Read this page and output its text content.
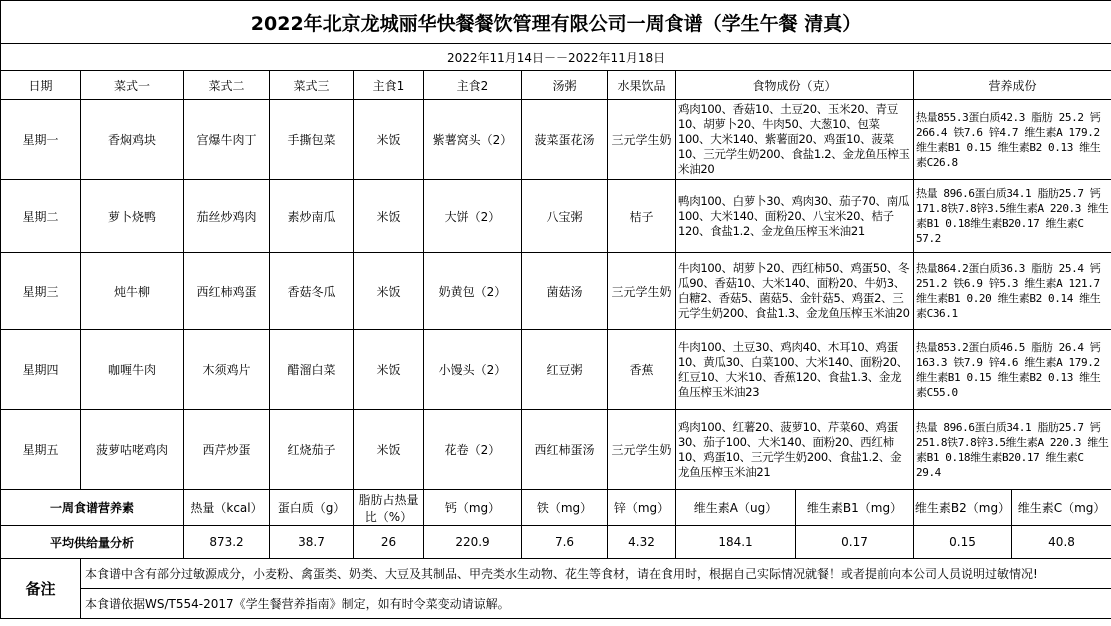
2022年北京龙城丽华快餐餐饮管理有限公司一周食谱（学生午餐 清真）											
2022年11月14日－－2022年11月18日											
日期	菜式一	菜式二	菜式三	主食1	主食2	汤粥	水果饮品	食物成份（克）		营养成份	
星期一	香焖鸡块	宫爆牛肉丁	手撕包菜	米饭	紫薯窝头（2）	菠菜蛋花汤	三元学生奶	鸡肉100、香菇10、土豆20、玉米20、青豆10、胡萝卜20、牛肉50、大葱10、包菜100、大米140、紫薯面20、鸡蛋10、菠菜10、三元学生奶200、食盐1.2、金龙鱼压榨玉米油20		热量855.3蛋白质42.3 脂肪 25.2 钙 266.4 铁7.6 锌4.7 维生素A 179.2 维生素B1 0.15 维生素B2 0.13 维生素C26.8	
星期二	萝卜烧鸭	茄丝炒鸡肉	素炒南瓜	米饭	大饼（2）	八宝粥	桔子	鸭肉100、白萝卜30、鸡肉30、茄子70、南瓜100、大米140、面粉20、八宝米20、桔子120、食盐1.2、金龙鱼压榨玉米油21		热量 896.6蛋白质34.1 脂肪25.7 钙171.8铁7.8锌3.5维生素A 220.3 维生素B1 0.18维生素B20.17 维生素C 57.2	
星期三	炖牛柳	西红柿鸡蛋	香菇冬瓜	米饭	奶黄包（2）	菌菇汤	三元学生奶	牛肉100、胡萝卜20、西红柿50、鸡蛋50、冬瓜90、香菇10、大米140、面粉20、牛奶3、白糖2、香菇5、菌菇5、金针菇5、鸡蛋2、三元学生奶200、食盐1.3、金龙鱼压榨玉米油20		热量864.2蛋白质36.3 脂肪 25.4 钙 251.2 铁6.9 锌5.3 维生素A 121.7 维生素B1 0.20 维生素B2 0.14 维生素C36.1	
星期四	咖喱牛肉	木须鸡片	醋溜白菜	米饭	小馒头（2）	红豆粥	香蕉	牛肉100、土豆30、鸡肉40、木耳10、鸡蛋10、黄瓜30、白菜100、大米140、面粉20、红豆10、大米10、香蕉120、食盐1.3、金龙鱼压榨玉米油23		热量853.2蛋白质46.5 脂肪 26.4 钙 163.3 铁7.9 锌4.6 维生素A 179.2 维生素B1 0.15 维生素B2 0.13 维生素C55.0	
星期五	菠萝咕咾鸡肉	西芹炒蛋	红烧茄子	米饭	花卷（2）	西红柿蛋汤	三元学生奶	鸡肉100、红薯20、菠萝10、芹菜60、鸡蛋30、茄子100、大米140、面粉20、西红柿10、鸡蛋10、三元学生奶200、食盐1.2、金龙鱼压榨玉米油21		热量 896.6蛋白质34.1 脂肪25.7 钙251.8铁7.8锌3.5维生素A 220.3 维生素B1 0.18维生素B20.17 维生素C 29.4	
一周食谱营养素		热量（kcal）	蛋白质（g）	脂肪占热量比（%）	钙（mg）	铁（mg）	锌（mg）	维生素A（ug）	维生素B1（mg）	维生素B2（mg）	维生素C（mg）
平均供给量分析		873.2	38.7	26	220.9	7.6	4.32	184.1	0.17	0.15	40.8
备注	本食谱中含有部分过敏源成分，小麦粉、禽蛋类、奶类、大豆及其制品、甲壳类水生动物、花生等食材，请在食用时，根据自己实际情况就餐！或者提前向本公司人员说明过敏情况!										
	本食谱依据WS/T554-2017《学生餐营养指南》制定，如有时令菜变动请谅解。										
